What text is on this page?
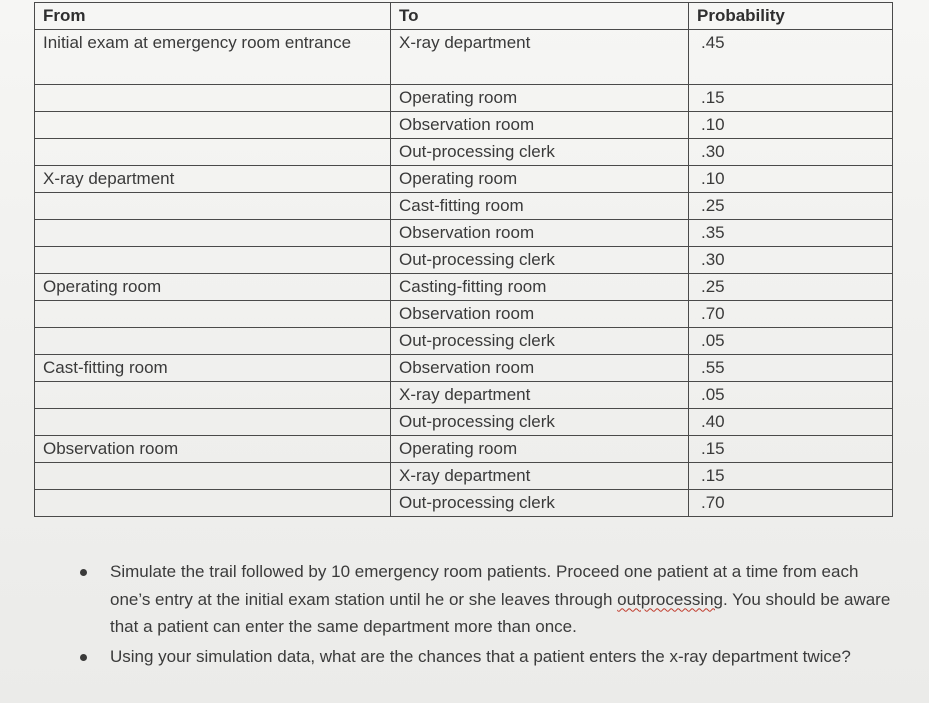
From	To	Probability
Initial exam at emergency room entrance	X-ray department	.45
	Operating room	.15
	Observation room	.10
	Out-processing clerk	.30
X-ray department	Operating room	.10
	Cast-fitting room	.25
	Observation room	.35
	Out-processing clerk	.30
Operating room	Casting-fitting room	.25
	Observation room	.70
	Out-processing clerk	.05
Cast-fitting room	Observation room	.55
	X-ray department	.05
	Out-processing clerk	.40
Observation room	Operating room	.15
	X-ray department	.15
	Out-processing clerk	.70
Simulate the trail followed by 10 emergency room patients. Proceed one patient at a time from each one’s entry at the initial exam station until he or she leaves through outprocessing. You should be aware that a patient can enter the same department more than once.
Using your simulation data, what are the chances that a patient enters the x-ray department twice?
